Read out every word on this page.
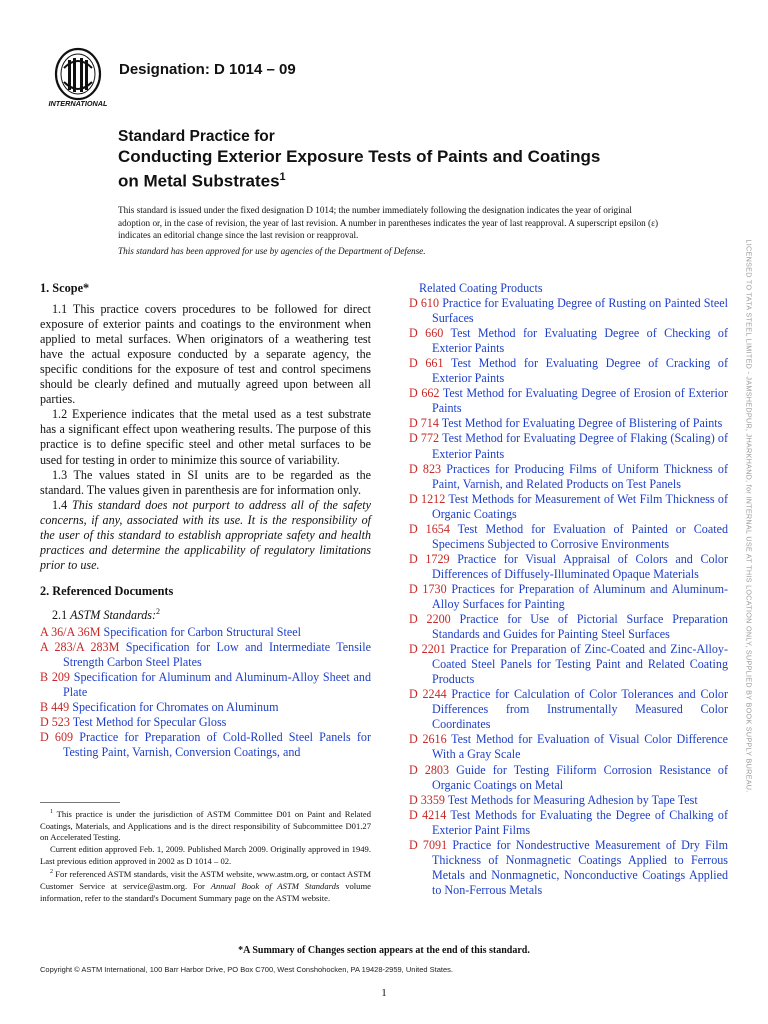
INTERNATIONAL
Designation: D 1014 – 09
Standard Practice for
Conducting Exterior Exposure Tests of Paints and Coatings
on Metal Substrates$^1$
This standard is issued under the fixed designation D 1014; the number immediately following the designation indicates the year of original adoption or, in the case of revision, the year of last revision. A number in parentheses indicates the year of last reapproval. A superscript epsilon (ε) indicates an editorial change since the last revision or reapproval.
This standard has been approved for use by agencies of the Department of Defense.	LICENSED TO TATA STEEL LIMITED - JAMSHEDPUR, JHARKHAND, for INTERNAL USE AT THIS LOCATION ONLY, SUPPLIED BY BOOK SUPPLY BUREAU.
1. Scope*
1.1 This practice covers procedures to be followed for direct exposure of exterior paints and coatings to the environment when applied to metal surfaces. When originators of a weathering test have the actual exposure conducted by a separate agency, the specific conditions for the exposure of test and control specimens should be clearly defined and mutually agreed upon between all parties.
1.2 Experience indicates that the metal used as a test substrate has a significant effect upon weathering results. The purpose of this practice is to define specific steel and other metal surfaces to be used for testing in order to minimize this source of variability.
1.3 The values stated in SI units are to be regarded as the standard. The values given in parenthesis are for information only.
1.4 This standard does not purport to address all of the safety concerns, if any, associated with its use. It is the responsibility of the user of this standard to establish appropriate safety and health practices and determine the applicability of regulatory limitations prior to use.
2. Referenced Documents
2.1 ASTM Standards:$^2$
A 36/A 36M Specification for Carbon Structural Steel
A 283/A 283M Specification for Low and Intermediate Tensile Strength Carbon Steel Plates
B 209 Specification for Aluminum and Aluminum-Alloy Sheet and Plate
B 449 Specification for Chromates on Aluminum
D 523 Test Method for Specular Gloss
D 609 Practice for Preparation of Cold-Rolled Steel Panels for Testing Paint, Varnish, Conversion Coatings, and
Related Coating Products
D 610 Practice for Evaluating Degree of Rusting on Painted Steel Surfaces
D 660 Test Method for Evaluating Degree of Checking of Exterior Paints
D 661 Test Method for Evaluating Degree of Cracking of Exterior Paints
D 662 Test Method for Evaluating Degree of Erosion of Exterior Paints
D 714 Test Method for Evaluating Degree of Blistering of Paints
D 772 Test Method for Evaluating Degree of Flaking (Scaling) of Exterior Paints
D 823 Practices for Producing Films of Uniform Thickness of Paint, Varnish, and Related Products on Test Panels
D 1212 Test Methods for Measurement of Wet Film Thickness of Organic Coatings
D 1654 Test Method for Evaluation of Painted or Coated Specimens Subjected to Corrosive Environments
D 1729 Practice for Visual Appraisal of Colors and Color Differences of Diffusely-Illuminated Opaque Materials
D 1730 Practices for Preparation of Aluminum and Aluminum-Alloy Surfaces for Painting
D 2200 Practice for Use of Pictorial Surface Preparation Standards and Guides for Painting Steel Surfaces
D 2201 Practice for Preparation of Zinc-Coated and Zinc-Alloy-Coated Steel Panels for Testing Paint and Related Coating Products
D 2244 Practice for Calculation of Color Tolerances and Color Differences from Instrumentally Measured Color Coordinates
D 2616 Test Method for Evaluation of Visual Color Difference With a Gray Scale
D 2803 Guide for Testing Filiform Corrosion Resistance of Organic Coatings on Metal
D 3359 Test Methods for Measuring Adhesion by Tape Test
D 4214 Test Methods for Evaluating the Degree of Chalking of Exterior Paint Films
D 7091 Practice for Nondestructive Measurement of Dry Film Thickness of Nonmagnetic Coatings Applied to Ferrous Metals and Nonmagnetic, Nonconductive Coatings Applied to Non-Ferrous Metals
$^1$ This practice is under the jurisdiction of ASTM Committee D01 on Paint and Related Coatings, Materials, and Applications and is the direct responsibility of Subcommittee D01.27 on Accelerated Testing.
Current edition approved Feb. 1, 2009. Published March 2009. Originally approved in 1949. Last previous edition approved in 2002 as D 1014 – 02.
$^2$ For referenced ASTM standards, visit the ASTM website, www.astm.org, or contact ASTM Customer Service at service@astm.org. For Annual Book of ASTM Standards volume information, refer to the standard's Document Summary page on the ASTM website.
*A Summary of Changes section appears at the end of this standard.
Copyright © ASTM International, 100 Barr Harbor Drive, PO Box C700, West Conshohocken, PA 19428-2959, United States.
1
